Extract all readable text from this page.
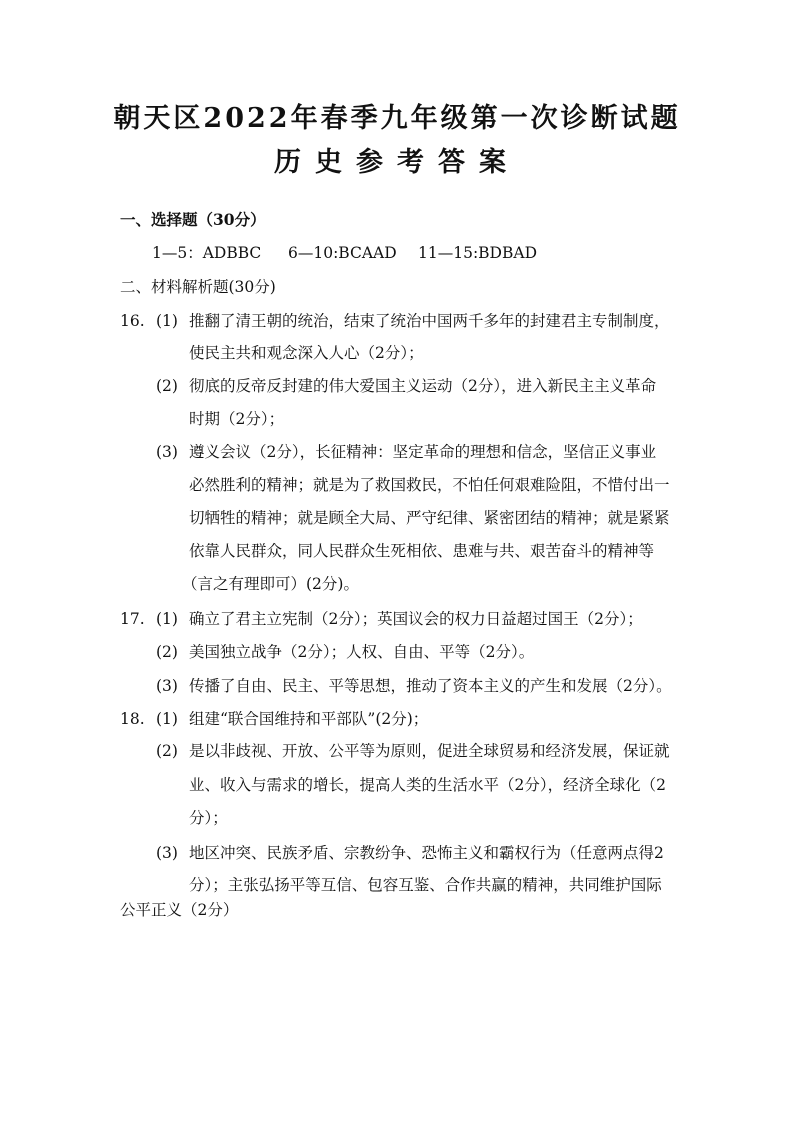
朝天区2022年春季九年级第一次诊断试题
历史参考答案
一、选择题（30分）
1—5：ADBBC 6—10:BCAAD 11—15:BDBAD
二、材料解析题(30分)
16. (1) 推翻了清王朝的统治，结束了统治中国两千多年的封建君主专制制度，
使民主共和观念深入人心（2分）；
(2) 彻底的反帝反封建的伟大爱国主义运动（2分），进入新民主主义革命
时期（2分）；
(3) 遵义会议（2分），长征精神：坚定革命的理想和信念，坚信正义事业
必然胜利的精神；就是为了救国救民，不怕任何艰难险阻，不惜付出一
切牺牲的精神；就是顾全大局、严守纪律、紧密团结的精神；就是紧紧
依靠人民群众，同人民群众生死相依、患难与共、艰苦奋斗的精神等
（言之有理即可）(2分)。
17. (1) 确立了君主立宪制（2分）；英国议会的权力日益超过国王（2分）；
(2) 美国独立战争（2分）；人权、自由、平等（2分）。
(3) 传播了自由、民主、平等思想，推动了资本主义的产生和发展（2分）。
18. (1) 组建“联合国维持和平部队”(2分)；
(2) 是以非歧视、开放、公平等为原则，促进全球贸易和经济发展，保证就
业、收入与需求的增长，提高人类的生活水平（2分），经济全球化（2
分）；
(3) 地区冲突、民族矛盾、宗教纷争、恐怖主义和霸权行为（任意两点得2
分）；主张弘扬平等互信、包容互鉴、合作共赢的精神，共同维护国际
公平正义（2分）
